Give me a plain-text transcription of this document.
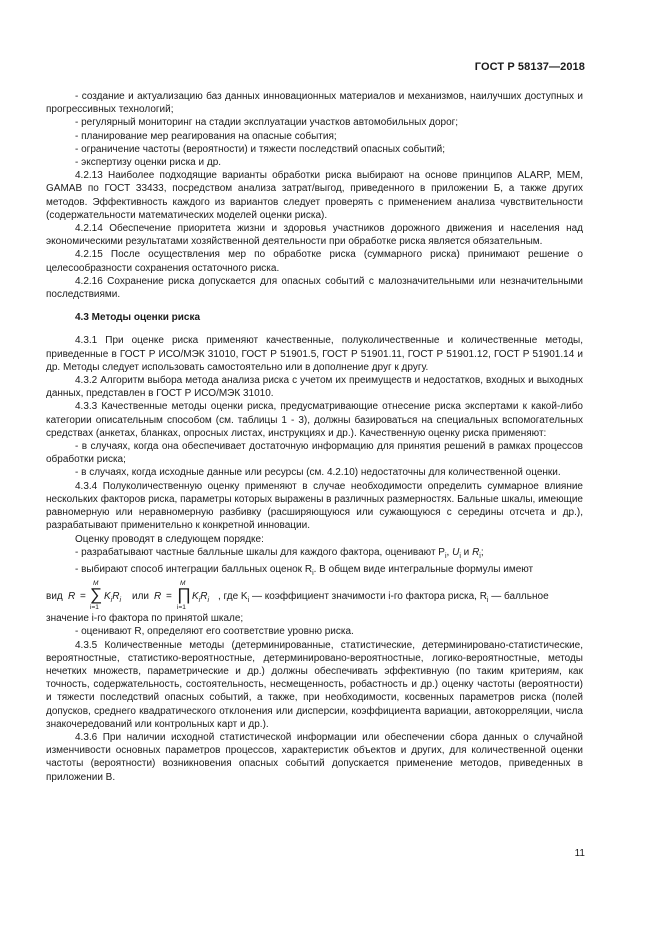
ГОСТ Р 58137—2018

- создание и актуализацию баз данных инновационных материалов и механизмов, наилучших доступных и прогрессивных технологий;

- регулярный мониторинг на стадии эксплуатации участков автомобильных дорог;

- планирование мер реагирования на опасные события;

- ограничение частоты (вероятности) и тяжести последствий опасных событий;

- экспертизу оценки риска и др.

4.2.13 Наиболее подходящие варианты обработки риска выбирают на основе принципов ALARP, MEM, GAMAB по ГОСТ 33433, посредством анализа затрат/выгод, приведенного в приложении Б, а также других методов. Эффективность каждого из вариантов следует проверять с применением анализа чувствительности (содержательности математических моделей оценки риска).

4.2.14 Обеспечение приоритета жизни и здоровья участников дорожного движения и населения над экономическими результатами хозяйственной деятельности при обработке риска является обязательным.

4.2.15 После осуществления мер по обработке риска (суммарного риска) принимают решение о целесообразности сохранения остаточного риска.

4.2.16 Сохранение риска допускается для опасных событий с малозначительными или незначительными последствиями.

4.3 Методы оценки риска

4.3.1 При оценке риска применяют качественные, полуколичественные и количественные методы, приведенные в ГОСТ Р ИСО/МЭК 31010, ГОСТ Р 51901.5, ГОСТ Р 51901.11, ГОСТ Р 51901.12, ГОСТ Р 51901.14 и др. Методы следует использовать самостоятельно или в дополнение друг к другу.

4.3.2 Алгоритм выбора метода анализа риска с учетом их преимуществ и недостатков, входных и выходных данных, представлен в ГОСТ Р ИСО/МЭК 31010.

4.3.3 Качественные методы оценки риска, предусматривающие отнесение риска экспертами к какой-либо категории описательным способом (см. таблицы 1 - 3), должны базироваться на специальных вспомогательных средствах (анкетах, бланках, опросных листах, инструкциях и др.). Качественную оценку риска применяют:

- в случаях, когда она обеспечивает достаточную информацию для принятия решений в рамках процессов обработки риска;

- в случаях, когда исходные данные или ресурсы (см. 4.2.10) недостаточны для количественной оценки.

4.3.4 Полуколичественную оценку применяют в случае необходимости определить суммарное влияние нескольких факторов риска, параметры которых выражены в различных размерностях. Бальные шкалы, имеющие равномерную или неравномерную разбивку (расширяющуюся или сужающуюся с середины отсчета и др.), разрабатывают применительно к конкретной инновации.

Оценку проводят в следующем порядке:

- разрабатывают частные балльные шкалы для каждого фактора, оценивают $P_i$, $U_i$ и $R_i$;

- выбирают способ интеграции балльных оценок $R_i$. В общем виде интегральные формулы имеют

вид R =
M
∑
i=1
$K_iR_i$ или R =
M
∏
i=1
$K_iR_i$ , где $K_i$ — коэффициент значимости i-го фактора риска, $R_i$ — балльное

значение i-го фактора по принятой шкале;

- оценивают R, определяют его соответствие уровню риска.

4.3.5 Количественные методы (детерминированные, статистические, детерминировано-статистические, вероятностные, статистико-вероятностные, детерминировано-вероятностные, логико-вероятностные, методы нечетких множеств, параметрические и др.) должны обеспечивать эффективную (по таким критериям, как точность, содержательность, состоятельность, несмещенность, робастность и др.) оценку частоты (вероятности) и тяжести последствий опасных событий, а также, при необходимости, косвенных параметров риска (полей допусков, среднего квадратического отклонения или дисперсии, коэффициента вариации, автокорреляции, числа знакочередований или контрольных карт и др.).

4.3.6 При наличии исходной статистической информации или обеспечении сбора данных о случайной изменчивости основных параметров процессов, характеристик объектов и других, для количественной оценки частоты (вероятности) возникновения опасных событий допускается применение методов, приведенных в приложении В.

11
